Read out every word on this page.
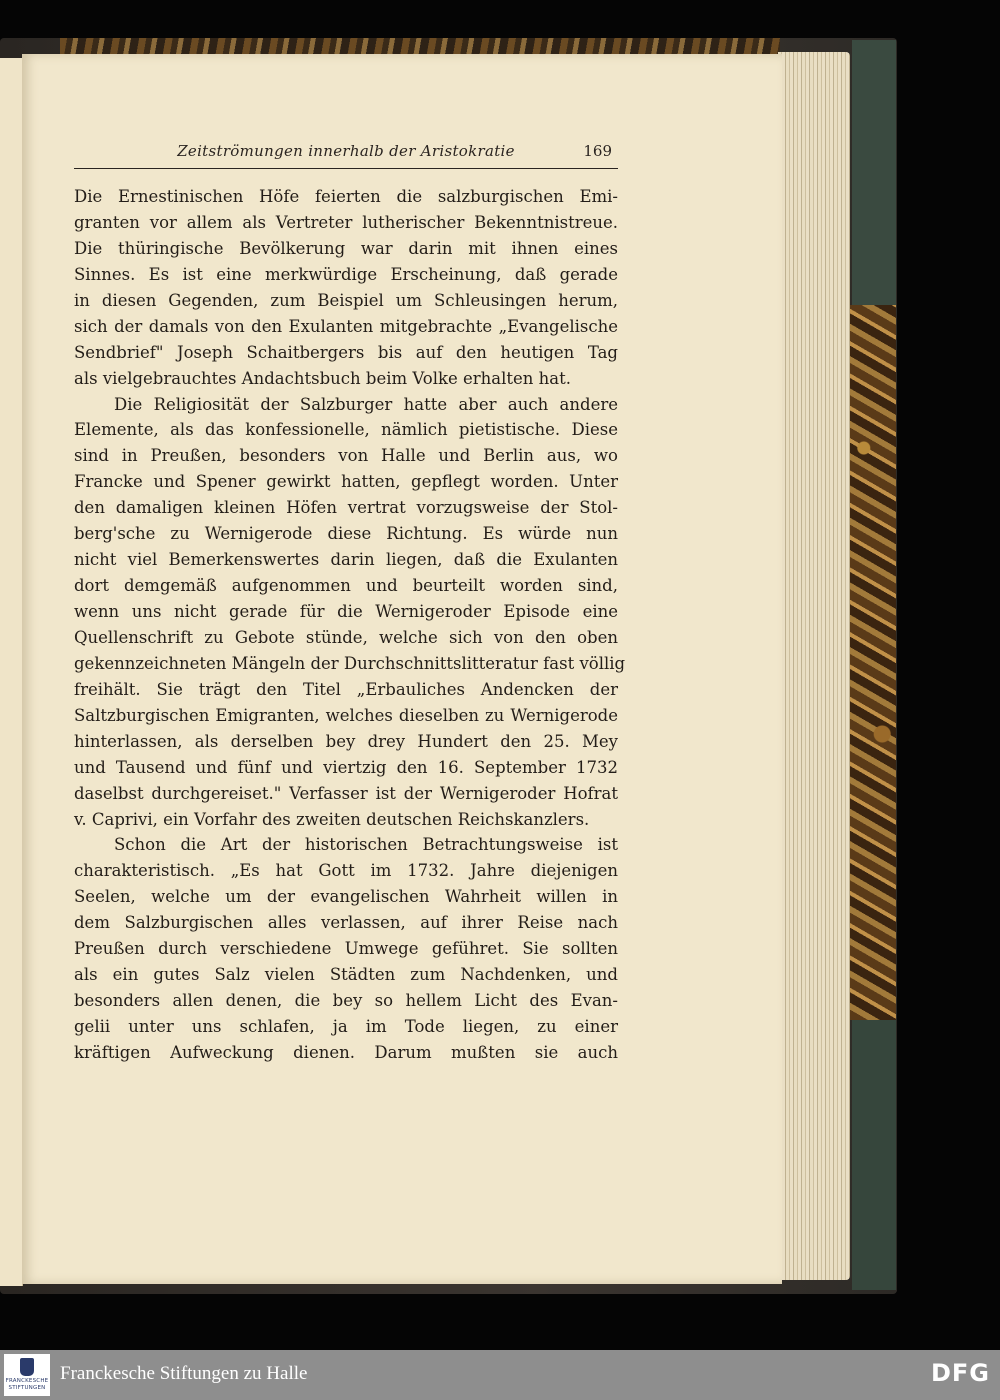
Zeitströmungen innerhalb der Aristokratie	169
Die Ernestinischen Höfe feierten die salzburgischen Emi-
granten vor allem als Vertreter lutherischer Bekenntnistreue.
Die thüringische Bevölkerung war darin mit ihnen eines
Sinnes. Es ist eine merkwürdige Erscheinung, daß gerade
in diesen Gegenden, zum Beispiel um Schleusingen herum,
sich der damals von den Exulanten mitgebrachte „Evangelische
Sendbrief" Joseph Schaitbergers bis auf den heutigen Tag
als vielgebrauchtes Andachtsbuch beim Volke erhalten hat.
Die Religiosität der Salzburger hatte aber auch andere
Elemente, als das konfessionelle, nämlich pietistische. Diese
sind in Preußen, besonders von Halle und Berlin aus, wo
Francke und Spener gewirkt hatten, gepflegt worden. Unter
den damaligen kleinen Höfen vertrat vorzugsweise der Stol-
berg'sche zu Wernigerode diese Richtung. Es würde nun
nicht viel Bemerkenswertes darin liegen, daß die Exulanten
dort demgemäß aufgenommen und beurteilt worden sind,
wenn uns nicht gerade für die Wernigeroder Episode eine
Quellenschrift zu Gebote stünde, welche sich von den oben
gekennzeichneten Mängeln der Durchschnittslitteratur fast völlig
freihält. Sie trägt den Titel „Erbauliches Andencken der
Saltzburgischen Emigranten, welches dieselben zu Wernigerode
hinterlassen, als derselben bey drey Hundert den 25. Mey
und Tausend und fünf und viertzig den 16. September 1732
daselbst durchgereiset." Verfasser ist der Wernigeroder Hofrat
v. Caprivi, ein Vorfahr des zweiten deutschen Reichskanzlers.
Schon die Art der historischen Betrachtungsweise ist
charakteristisch. „Es hat Gott im 1732. Jahre diejenigen
Seelen, welche um der evangelischen Wahrheit willen in
dem Salzburgischen alles verlassen, auf ihrer Reise nach
Preußen durch verschiedene Umwege geführet. Sie sollten
als ein gutes Salz vielen Städten zum Nachdenken, und
besonders allen denen, die bey so hellem Licht des Evan-
gelii unter uns schlafen, ja im Tode liegen, zu einer
kräftigen Aufweckung dienen. Darum mußten sie auch
FRANCKESCHE
STIFTUNGEN
Franckesche Stiftungen zu Halle	DFG
